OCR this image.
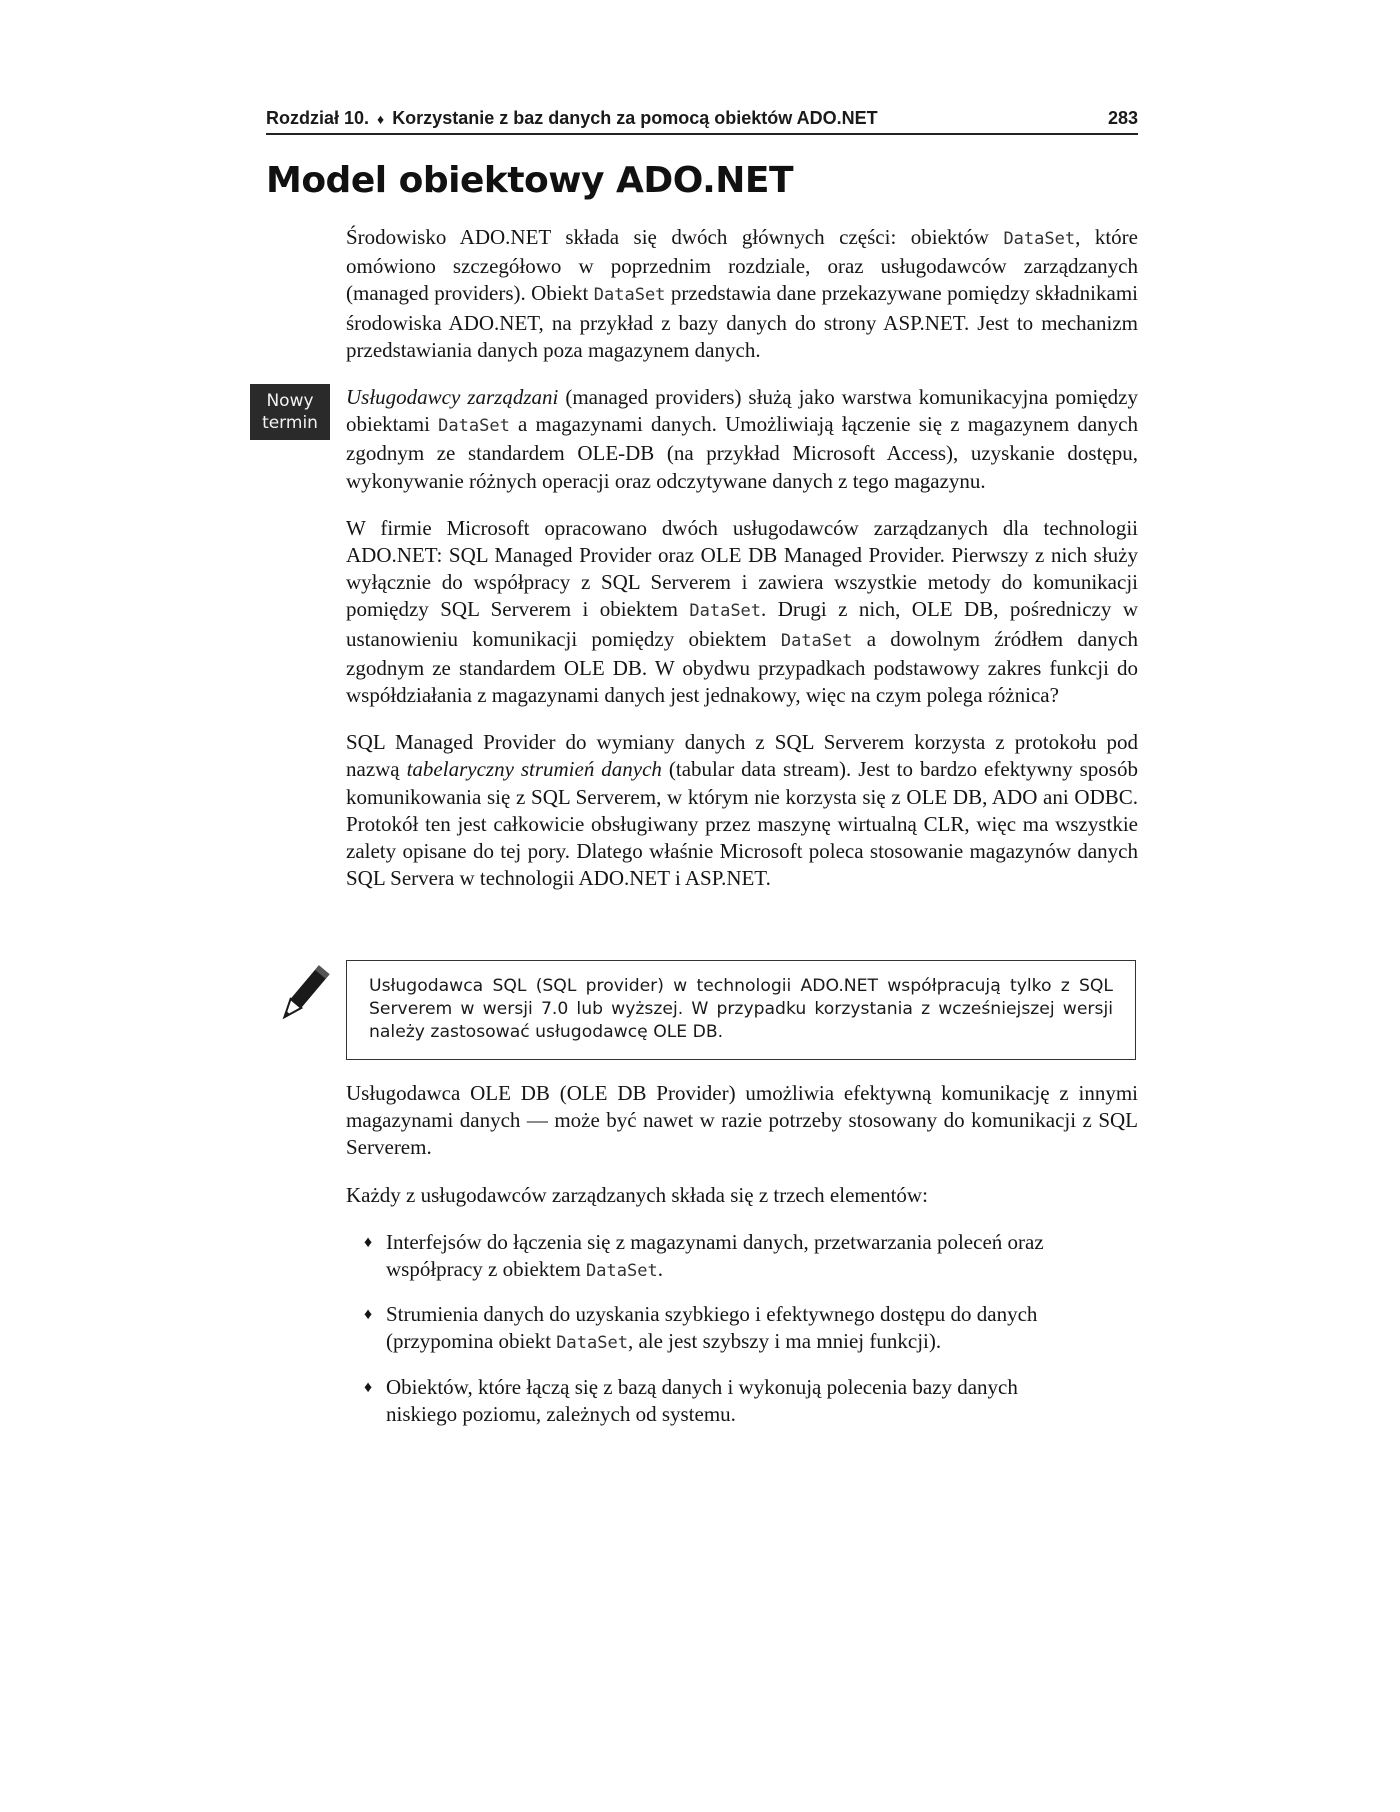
Rozdział 10. ♦ Korzystanie z baz danych za pomocą obiektów ADO.NET	283
Model obiektowy ADO.NET
Nowy
termin

Środowisko ADO.NET składa się dwóch głównych części: obiektów DataSet, które omówiono szczegółowo w poprzednim rozdziale, oraz usługodawców zarządzanych (managed providers). Obiekt DataSet przedstawia dane przekazywane pomiędzy składnikami środowiska ADO.NET, na przykład z bazy danych do strony ASP.NET. Jest to mechanizm przedstawiania danych poza magazynem danych.

Usługodawcy zarządzani (managed providers) służą jako warstwa komunikacyjna pomiędzy obiektami DataSet a magazynami danych. Umożliwiają łączenie się z magazynem danych zgodnym ze standardem OLE-DB (na przykład Microsoft Access), uzyskanie dostępu, wykonywanie różnych operacji oraz odczytywane danych z tego magazynu.

W firmie Microsoft opracowano dwóch usługodawców zarządzanych dla technologii ADO.NET: SQL Managed Provider oraz OLE DB Managed Provider. Pierwszy z nich służy wyłącznie do współpracy z SQL Serverem i zawiera wszystkie metody do komunikacji pomiędzy SQL Serverem i obiektem DataSet. Drugi z nich, OLE DB, pośredniczy w ustanowieniu komunikacji pomiędzy obiektem DataSet a dowolnym źródłem danych zgodnym ze standardem OLE DB. W obydwu przypadkach podstawowy zakres funkcji do współdziałania z magazynami danych jest jednakowy, więc na czym polega różnica?

SQL Managed Provider do wymiany danych z SQL Serverem korzysta z protokołu pod nazwą tabelaryczny strumień danych (tabular data stream). Jest to bardzo efektywny sposób komunikowania się z SQL Serverem, w którym nie korzysta się z OLE DB, ADO ani ODBC. Protokół ten jest całkowicie obsługiwany przez maszynę wirtualną CLR, więc ma wszystkie zalety opisane do tej pory. Dlatego właśnie Microsoft poleca stosowanie magazynów danych SQL Servera w technologii ADO.NET i ASP.NET.

Usługodawca SQL (SQL provider) w technologii ADO.NET współpracują tylko z SQL Serverem w wersji 7.0 lub wyższej. W przypadku korzystania z wcześniejszej wersji należy zastosować usługodawcę OLE DB.

Usługodawca OLE DB (OLE DB Provider) umożliwia efektywną komunikację z innymi magazynami danych — może być nawet w razie potrzeby stosowany do komunikacji z SQL Serverem.

Każdy z usługodawców zarządzanych składa się z trzech elementów:

♦ Interfejsów do łączenia się z magazynami danych, przetwarzania poleceń oraz współpracy z obiektem DataSet.
♦ Strumienia danych do uzyskania szybkiego i efektywnego dostępu do danych (przypomina obiekt DataSet, ale jest szybszy i ma mniej funkcji).
♦ Obiektów, które łączą się z bazą danych i wykonują polecenia bazy danych niskiego poziomu, zależnych od systemu.
